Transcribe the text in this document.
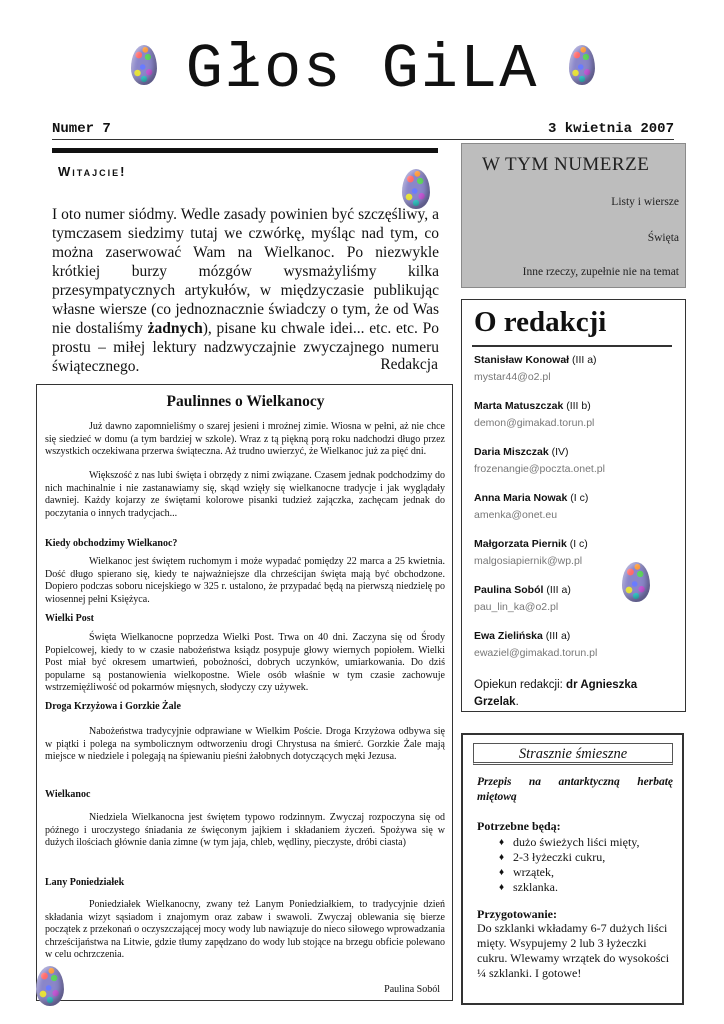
Głos GiLA
Numer 7	3 kwietnia 2007
Witajcie!
I oto numer siódmy. Wedle zasady powinien być szczęśliwy, a tymczasem siedzimy tutaj we czwórkę, myśląc nad tym, co można zaserwować Wam na Wielkanoc. Po niezwykle krótkiej burzy mózgów wysmażyliśmy kilka przesympatycznych artykułów, w międzyczasie publikując własne wiersze (co jednoznacznie świadczy o tym, że od Was nie dostaliśmy żadnych), pisane ku chwale idei... etc. etc. Po prostu – miłej lektury nadzwyczajnie zwyczajnego numeru świątecznego.	Redakcja
W TYM NUMERZE
Listy i wiersze
Święta
Inne rzeczy, zupełnie nie na temat
O redakcji
Stanisław Konował (III a)
mystar44@o2.pl
Marta Matuszczak (III b)
demon@gimakad.torun.pl
Daria Miszczak (IV)
frozenangie@poczta.onet.pl
Anna Maria Nowak (I c)
amenka@onet.eu
Małgorzata Piernik (I c)
malgosiapiernik@wp.pl
Paulina Soból (III a)
pau_lin_ka@o2.pl
Ewa Zielińska (III a)
ewaziel@gimakad.torun.pl
Opiekun redakcji: dr Agnieszka Grzelak.
Strasznie śmieszne
Przepis na antarktyczną herbatę
miętową
Potrzebne będą:
♦ dużo świeżych liści mięty,
♦ 2-3 łyżeczki cukru,
♦ wrzątek,
♦ szklanka.
Przygotowanie:
Do szklanki wkładamy 6-7 dużych liści mięty. Wsypujemy 2 lub 3 łyżeczki cukru. Wlewamy wrzątek do wysokości ¼ szklanki. I gotowe!
Paulinnes o Wielkanocy
Już dawno zapomnieliśmy o szarej jesieni i mroźnej zimie. Wiosna w pełni, aż nie chce się siedzieć w domu (a tym bardziej w szkole). Wraz z tą piękną porą roku nadchodzi długo przez wszystkich oczekiwana przerwa świąteczna. Aż trudno uwierzyć, że Wielkanoc już za pięć dni.
Większość z nas lubi święta i obrzędy z nimi związane. Czasem jednak podchodzimy do nich machinalnie i nie zastanawiamy się, skąd wzięły się wielkanocne tradycje i jak wyglądały dawniej. Każdy kojarzy ze świętami kolorowe pisanki tudzież zajączka, zachęcam jednak do poczytania o innych tradycjach...
Kiedy obchodzimy Wielkanoc?
Wielkanoc jest świętem ruchomym i może wypadać pomiędzy 22 marca a 25 kwietnia. Dość długo spierano się, kiedy te najważniejsze dla chrześcijan święta mają być obchodzone. Dopiero podczas soboru nicejskiego w 325 r. ustalono, że przypadać będą na pierwszą niedzielę po wiosennej pełni Księżyca.
Wielki Post
Święta Wielkanocne poprzedza Wielki Post. Trwa on 40 dni. Zaczyna się od Środy Popielcowej, kiedy to w czasie nabożeństwa ksiądz posypuje głowy wiernych popiołem. Wielki Post miał być okresem umartwień, pobożności, dobrych uczynków, umiarkowania. Do dziś popularne są postanowienia wielkopostne. Wiele osób właśnie w tym czasie zachowuje wstrzemięźliwość od pokarmów mięsnych, słodyczy czy używek.
Droga Krzyżowa i Gorzkie Żale
Nabożeństwa tradycyjnie odprawiane w Wielkim Poście. Droga Krzyżowa odbywa się w piątki i polega na symbolicznym odtworzeniu drogi Chrystusa na śmierć. Gorzkie Żale mają miejsce w niedziele i polegają na śpiewaniu pieśni żałobnych dotyczących męki Jezusa.
Wielkanoc
Niedziela Wielkanocna jest świętem typowo rodzinnym. Zwyczaj rozpoczyna się od późnego i uroczystego śniadania ze święconym jajkiem i składaniem życzeń. Spożywa się w dużych ilościach głównie dania zimne (w tym jaja, chleb, wędliny, pieczyste, dróbi ciasta)
Lany Poniedziałek
Poniedziałek Wielkanocny, zwany też Lanym Poniedziałkiem, to tradycyjnie dzień składania wizyt sąsiadom i znajomym oraz zabaw i swawoli. Zwyczaj oblewania się bierze początek z przekonań o oczyszczającej mocy wody lub nawiązuje do nieco siłowego wprowadzania chrześcijaństwa na Litwie, gdzie tłumy zapędzano do wody lub stojące na brzegu obficie polewano w celu ochrzczenia.
Paulina Soból
